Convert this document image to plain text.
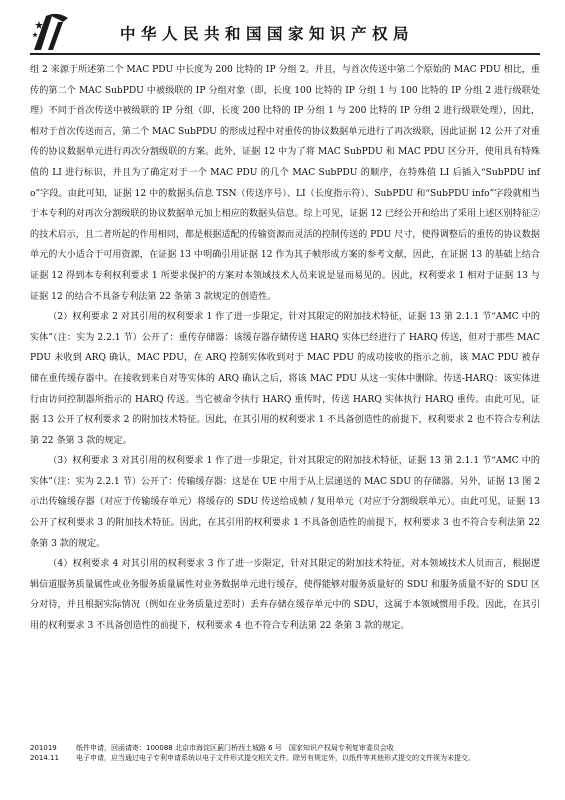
中华人民共和国国家知识产权局

组 2 来源于所述第二个 MAC PDU 中长度为 200 比特的 IP 分组 2。并且，与首次传送中第二个原始的 MAC PDU 相比，重传的第二个 MAC SubPDU 中被级联的 IP 分组对象（即，长度 100 比特的 IP 分组 1 与 100 比特的 IP 分组 2 进行级联处理）不同于首次传送中被级联的 IP 分组（即，长度 200 比特的 IP 分组 1 与 200 比特的 IP 分组 2 进行级联处理），因此，相对于首次传送而言，第二个 MAC SubPDU 的形成过程中对重传的协议数据单元进行了再次级联，因此证据 12 公开了对重传的协议数据单元进行再次分割级联的方案。此外，证据 12 中为了将 MAC SubPDU 和 MAC PDU 区分开，使用具有特殊值的 LI 进行标识，并且为了确定对于一个 MAC PDU 的几个 MAC SubPDU 的顺序，在特殊值 LI 后插入“SubPDU info”字段。由此可知，证据 12 中的数据头信息 TSN（传送序号）、LI（长度指示符）、SubPDU 和“SubPDU info”字段就相当于本专利的对再次分割级联的协议数据单元加上相应的数据头信息。综上可见，证据 12 已经公开和给出了采用上述区别特征②的技术启示，且二者所起的作用相同，都是根据适配的传输资源而灵活的控制传送的 PDU 尺寸，使得调整后的重传的协议数据单元的大小适合于可用资源，在证据 13 中明确引用证据 12 作为其子帧形成方案的参考文献，因此，在证据 13 的基础上结合证据 12 得到本专利权利要求 1 所要求保护的方案对本领域技术人员来说是显而易见的。因此，权利要求 1 相对于证据 13 与证据 12 的结合不具备专利法第 22 条第 3 款规定的创造性。

（2）权利要求 2 对其引用的权利要求 1 作了进一步限定，针对其限定的附加技术特征，证据 13 第 2.1.1 节“AMC 中的实体”（注：实为 2.2.1 节）公开了：重传存储器：该缓存器存储传送 HARQ 实体已经进行了 HARQ 传送，但对于那些 MAC PDU 未收到 ARQ 确认，MAC PDU，在 ARQ 控制实体收到对于 MAC PDU 的成功接收的指示之前，该 MAC PDU 被存储在重传缓存器中。在接收到来自对等实体的 ARQ 确认之后，将该 MAC PDU 从这一实体中删除。传送-HARQ：该实体进行由访问控制器所指示的 HARQ 传送。当它被命令执行 HARQ 重传时，传送 HARQ 实体执行 HARQ 重传。由此可见，证据 13 公开了权利要求 2 的附加技术特征。因此，在其引用的权利要求 1 不具备创造性的前提下，权利要求 2 也不符合专利法第 22 条第 3 款的规定。

（3）权利要求 3 对其引用的权利要求 1 作了进一步限定，针对其限定的附加技术特征，证据 13 第 2.1.1 节“AMC 中的实体”（注：实为 2.2.1 节）公开了：传输缓存器：这是在 UE 中用于从上层递送的 MAC SDU 的存储器。另外，证据 13 图 2 示出传输缓存器（对应于传输缓存单元）将缓存的 SDU 传送给成帧 / 复用单元（对应于分割级联单元）。由此可见，证据 13 公开了权利要求 3 的附加技术特征。因此，在其引用的权利要求 1 不具备创造性的前提下，权利要求 3 也不符合专利法第 22 条第 3 款的规定。

（4）权利要求 4 对其引用的权利要求 3 作了进一步限定，针对其限定的附加技术特征，对本领域技术人员而言，根据逻辑信道服务质量属性或业务服务质量属性对业务数据单元进行缓存，使得能够对服务质量好的 SDU 和服务质量不好的 SDU 区分对待，并且根据实际情况（例如在业务质量过差时）丢弃存储在缓存单元中的 SDU，这属于本领域惯用手段。因此，在其引用的权利要求 3 不具备创造性的前提下，权利要求 4 也不符合专利法第 22 条第 3 款的规定。

201019	纸件申请，回函请寄：100088 北京市海淀区蓟门桥西土城路 6 号　国家知识产权局专利复审委员会收
2014.11	电子申请，应当通过电子专利申请系统以电子文件形式提交相关文件。除另有规定外，以纸件等其他形式提交的文件视为未提交。
